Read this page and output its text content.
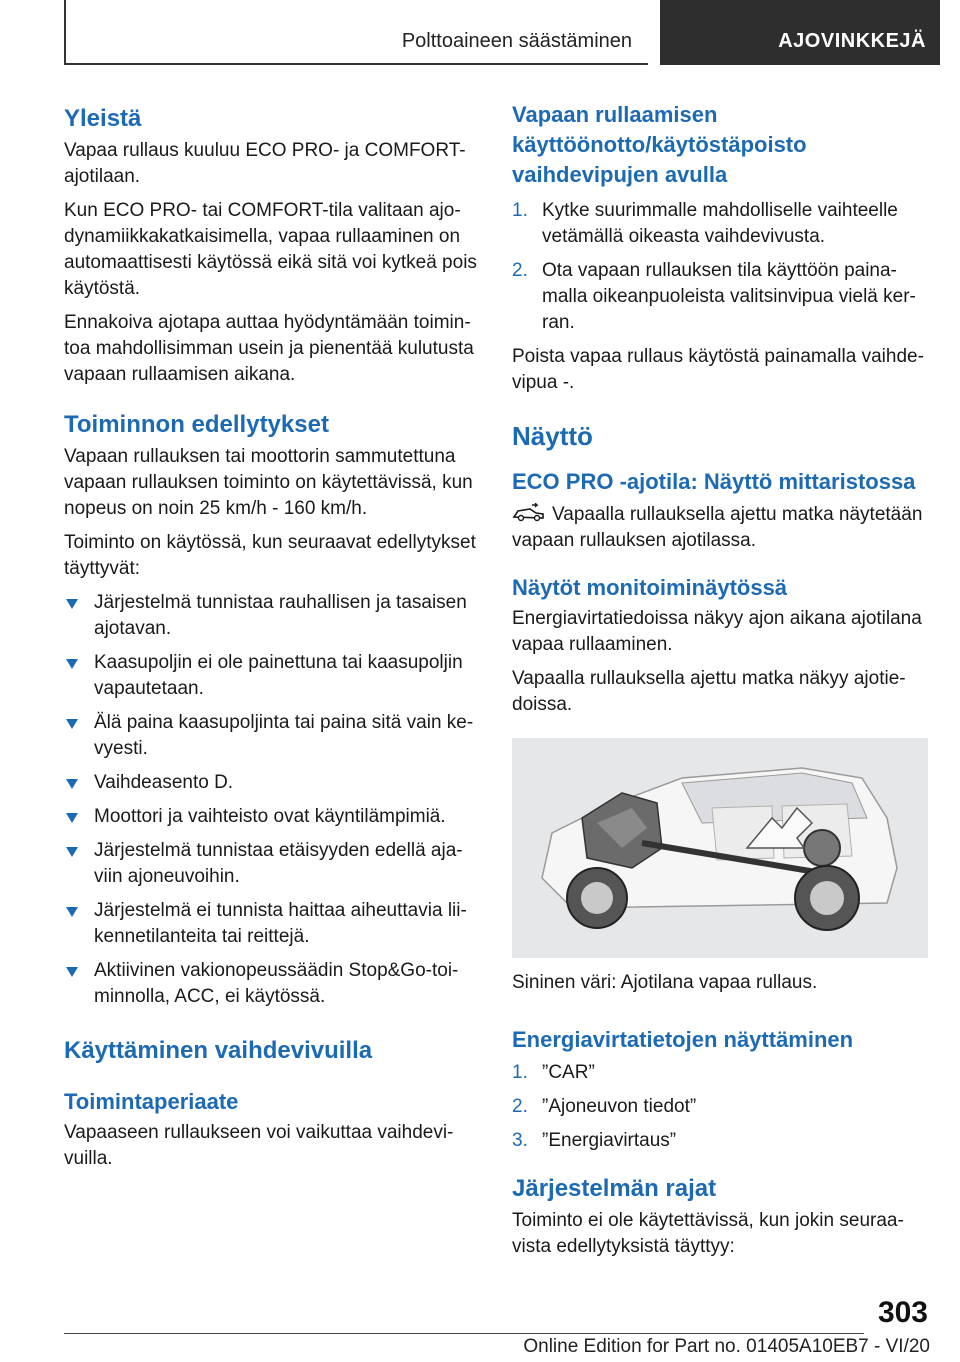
Polttoaineen säästäminen	AJOVINKKEJÄ
Yleistä

Vapaa rullaus kuuluu ECO PRO- ja COMFORT-ajotilaan.

Kun ECO PRO- tai COMFORT-tila valitaan ajo-dynamiikkakatkaisimella, vapaa rullaaminen on automaattisesti käytössä eikä sitä voi kytkeä pois käytöstä.

Ennakoiva ajotapa auttaa hyödyntämään toimin-toa mahdollisimman usein ja pienentää kulutusta vapaan rullaamisen aikana.

Toiminnon edellytykset

Vapaan rullauksen tai moottorin sammutettuna vapaan rullauksen toiminto on käytettävissä, kun nopeus on noin 25 km/h - 160 km/h.

Toiminto on käytössä, kun seuraavat edellytykset täyttyvät:

Järjestelmä tunnistaa rauhallisen ja tasaisen ajotavan.
Kaasupoljin ei ole painettuna tai kaasupoljin vapautetaan.
Älä paina kaasupoljinta tai paina sitä vain ke-vyesti.
Vaihdeasento D.
Moottori ja vaihteisto ovat käyntilämpimiä.
Järjestelmä tunnistaa etäisyyden edellä aja-viin ajoneuvoihin.
Järjestelmä ei tunnista haittaa aiheuttavia lii-kennetilanteita tai reittejä.
Aktiivinen vakionopeussäädin Stop&Go-toi-minnolla, ACC, ei käytössä.
Käyttäminen vaihdevivuilla
Toimintaperiaate

Vapaaseen rullaukseen voi vaikuttaa vaihdevi-vuilla.

Vapaan rullaamisen käyttöönotto/käytöstäpoisto vaihdevipujen avulla
1. Kytke suurimmalle mahdolliselle vaihteelle vetämällä oikeasta vaihdevivusta.
2. Ota vapaan rullauksen tila käyttöön paina-malla oikeanpuoleista valitsinvipua vielä ker-ran.

Poista vapaa rullaus käytöstä painamalla vaihde-vipua -.

Näyttö
ECO PRO -ajotila: Näyttö mittaristossa

Vapaalla rullauksella ajettu matka näytetään vapaan rullauksen ajotilassa.

Näytöt monitoiminäytössä

Energiavirtatiedoissa näkyy ajon aikana ajotilana vapaa rullaaminen.

Vapaalla rullauksella ajettu matka näkyy ajotie-doissa.

Sininen väri: Ajotilana vapaa rullaus.

Energiavirtatietojen näyttäminen
1. ”CAR”
2. ”Ajoneuvon tiedot”
3. ”Energiavirtaus”
Järjestelmän rajat

Toiminto ei ole käytettävissä, kun jokin seuraa-vista edellytyksistä täyttyy:

303
Online Edition for Part no. 01405A10EB7 - VI/20
